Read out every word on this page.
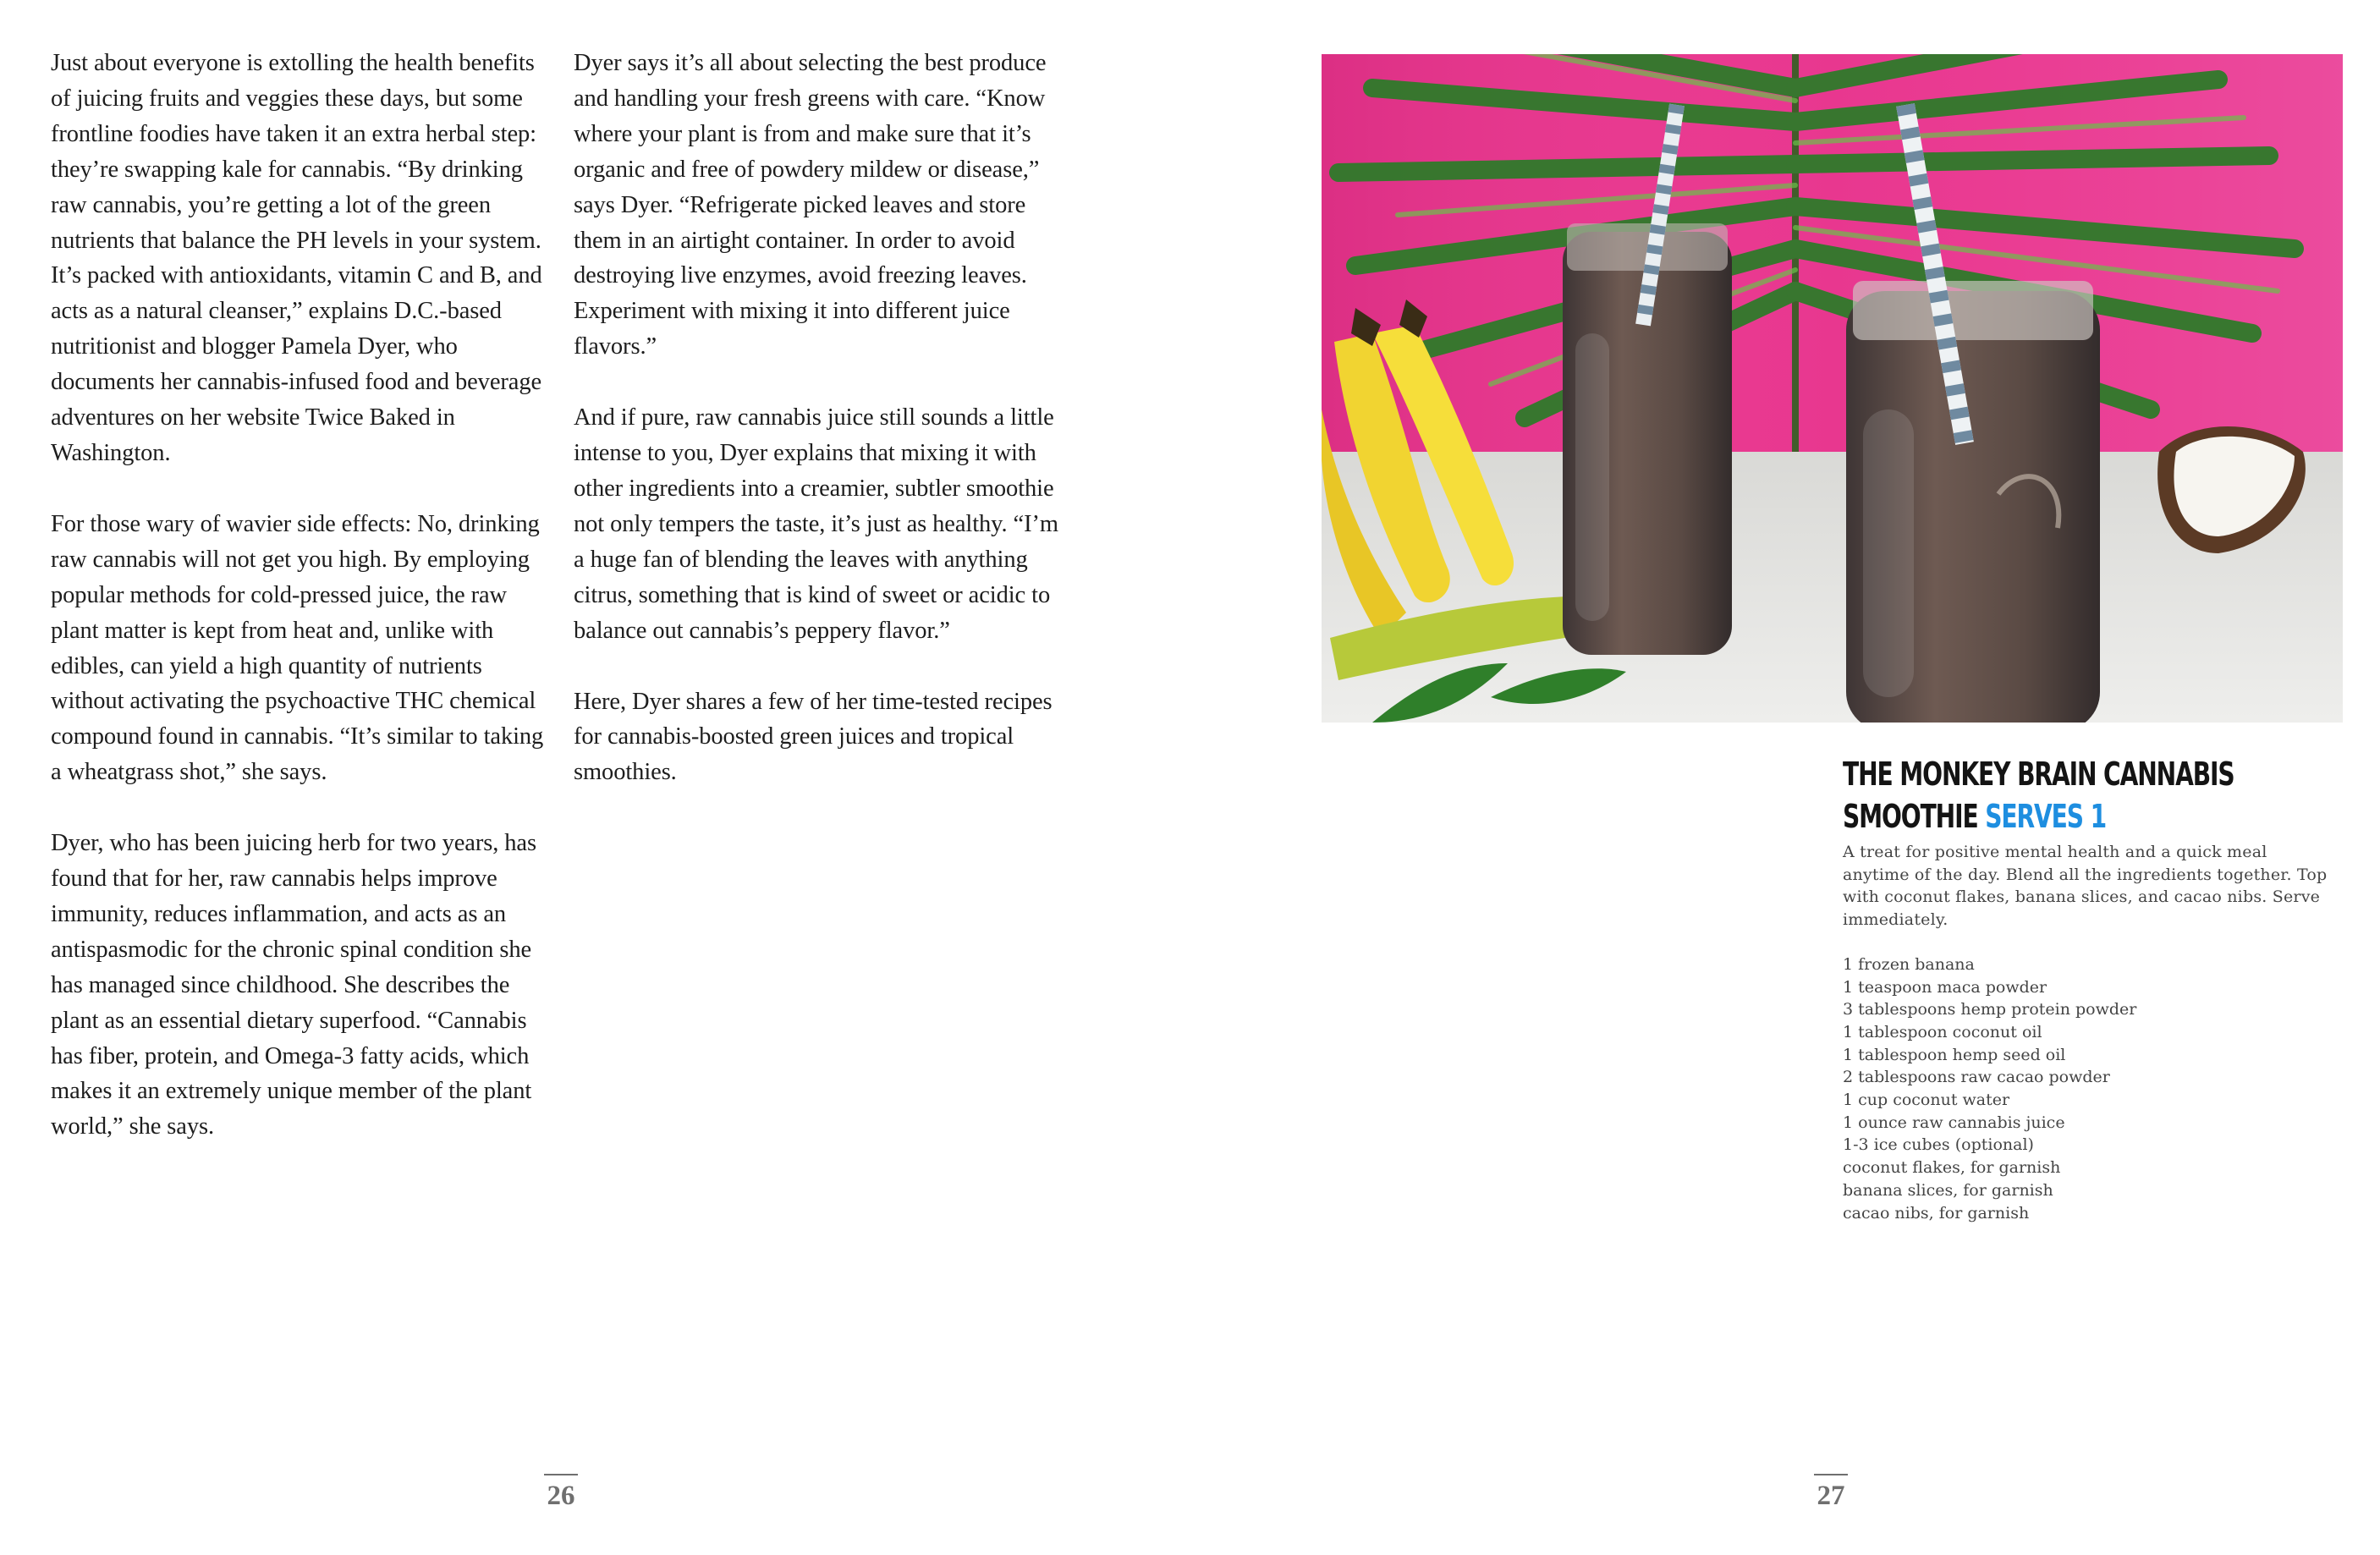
Just about everyone is extolling the health benefits of juicing fruits and veggies these days, but some frontline foodies have taken it an extra herbal step: they’re swapping kale for cannabis. “By drinking raw cannabis, you’re getting a lot of the green nutrients that balance the PH levels in your system. It’s packed with antioxidants, vitamin C and B, and acts as a natural cleanser,” explains D.C.-based nutritionist and blogger Pamela Dyer, who documents her cannabis-infused food and beverage adventures on her website Twice Baked in Washington.

For those wary of wavier side effects: No, drinking raw cannabis will not get you high. By employing popular methods for cold-pressed juice, the raw plant matter is kept from heat and, unlike with edibles, can yield a high quantity of nutrients without activating the psychoactive THC chemical compound found in cannabis. “It’s similar to taking a wheatgrass shot,” she says.

Dyer, who has been juicing herb for two years, has found that for her, raw cannabis helps improve immunity, reduces inflammation, and acts as an antispasmodic for the chronic spinal condition she has managed since childhood. She describes the plant as an essential dietary superfood. “Cannabis has fiber, protein, and Omega-3 fatty acids, which makes it an extremely unique member of the plant world,” she says.

Dyer says it’s all about selecting the best produce and handling your fresh greens with care. “Know where your plant is from and make sure that it’s organic and free of powdery mildew or disease,” says Dyer. “Refrigerate picked leaves and store them in an airtight container. In order to avoid destroying live enzymes, avoid freezing leaves. Experiment with mixing it into different juice flavors.”

And if pure, raw cannabis juice still sounds a little intense to you, Dyer explains that mixing it with other ingredients into a creamier, subtler smoothie not only tempers the taste, it’s just as healthy. “I’m a huge fan of blending the leaves with anything citrus, something that is kind of sweet or acidic to balance out cannabis’s peppery flavor.”

Here, Dyer shares a few of her time-tested recipes for cannabis-boosted green juices and tropical smoothies.

26
THE MONKEY BRAIN CANNABIS SMOOTHIE SERVES 1

A treat for positive mental health and a quick meal anytime of the day. Blend all the ingredients together. Top with coconut flakes, banana slices, and cacao nibs. Serve immediately.

1 frozen banana
1 teaspoon maca powder
3 tablespoons hemp protein powder
1 tablespoon coconut oil
1 tablespoon hemp seed oil
2 tablespoons raw cacao powder
1 cup coconut water
1 ounce raw cannabis juice
1-3 ice cubes (optional)
coconut flakes, for garnish
banana slices, for garnish
cacao nibs, for garnish
27
